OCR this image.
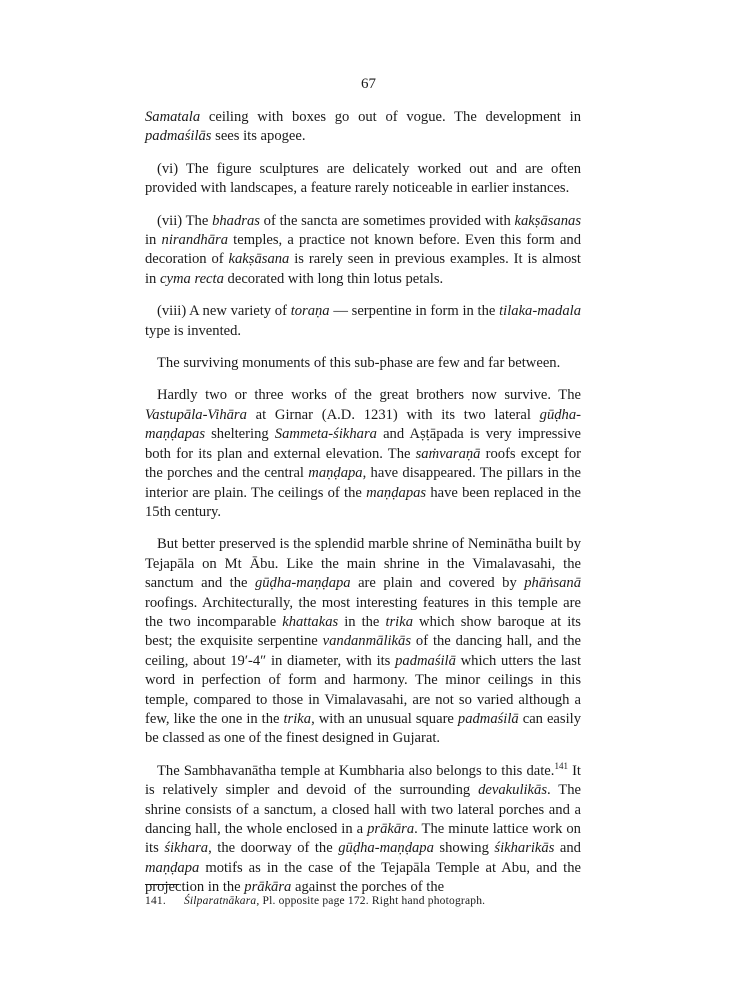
67

Samatala ceiling with boxes go out of vogue. The development in padmaśilās sees its apogee.

(vi) The figure sculptures are delicately worked out and are often provided with landscapes, a feature rarely noticeable in earlier instances.

(vii) The bhadras of the sancta are sometimes provided with kakṣāsanas in nirandhāra temples, a practice not known before. Even this form and decoration of kakṣāsana is rarely seen in previous examples. It is almost in cyma recta decorated with long thin lotus petals.

(viii) A new variety of toraṇa — serpentine in form in the tilaka-madala type is invented.

The surviving monuments of this sub-phase are few and far between.

Hardly two or three works of the great brothers now survive. The Vastupāla-Vihāra at Girnar (A.D. 1231) with its two lateral gūḍha-maṇḍapas sheltering Sammeta-śikhara and Aṣṭāpada is very impressive both for its plan and external elevation. The saṁvaraṇā roofs except for the porches and the central maṇḍapa, have disappeared. The pillars in the interior are plain. The ceilings of the maṇḍapas have been replaced in the 15th century.

But better preserved is the splendid marble shrine of Neminātha built by Tejapāla on Mt Ābu. Like the main shrine in the Vimalavasahi, the sanctum and the gūḍha-maṇḍapa are plain and covered by phāṅsanā roofings. Architecturally, the most interesting features in this temple are the two incomparable khattakas in the trika which show baroque at its best; the exquisite serpentine vandanmālikās of the dancing hall, and the ceiling, about 19′-4″ in diameter, with its padmaśilā which utters the last word in perfection of form and harmony. The minor ceilings in this temple, compared to those in Vimalavasahi, are not so varied although a few, like the one in the trika, with an unusual square padmaśilā can easily be classed as one of the finest designed in Gujarat.

The Sambhavanātha temple at Kumbharia also belongs to this date.$^{141}$ It is relatively simpler and devoid of the surrounding devakulikās. The shrine consists of a sanctum, a closed hall with two lateral porches and a dancing hall, the whole enclosed in a prākāra. The minute lattice work on its śikhara, the doorway of the gūḍha-maṇḍapa showing śikharikās and maṇḍapa motifs as in the case of the Tejapāla Temple at Abu, and the projection in the prākāra against the porches of the

141. Śilparatnākara, Pl. opposite page 172. Right hand photograph.
